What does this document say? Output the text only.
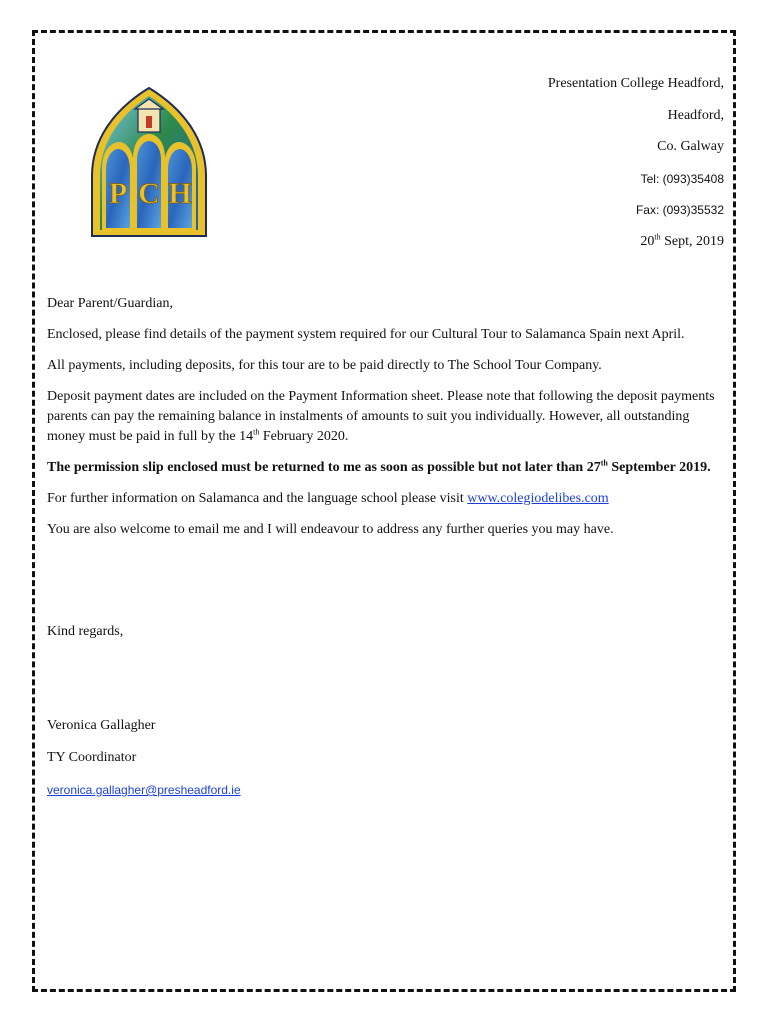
P C H
Presentation College Headford,
Headford,
Co. Galway
Tel: (093)35408
Fax: (093)35532
20th Sept, 2019

Dear Parent/Guardian,

Enclosed, please find details of the payment system required for our Cultural Tour to Salamanca Spain next April.

All payments, including deposits, for this tour are to be paid directly to The School Tour Company.

Deposit payment dates are included on the Payment Information sheet. Please note that following the deposit payments parents can pay the remaining balance in instalments of amounts to suit you individually. However, all outstanding money must be paid in full by the 14th February 2020.

The permission slip enclosed must be returned to me as soon as possible but not later than 27th September 2019.

For further information on Salamanca and the language school please visit www.colegiodelibes.com

You are also welcome to email me and I will endeavour to address any further queries you may have.

Kind regards,
Veronica Gallagher
TY Coordinator
veronica.gallagher@presheadford.ie
